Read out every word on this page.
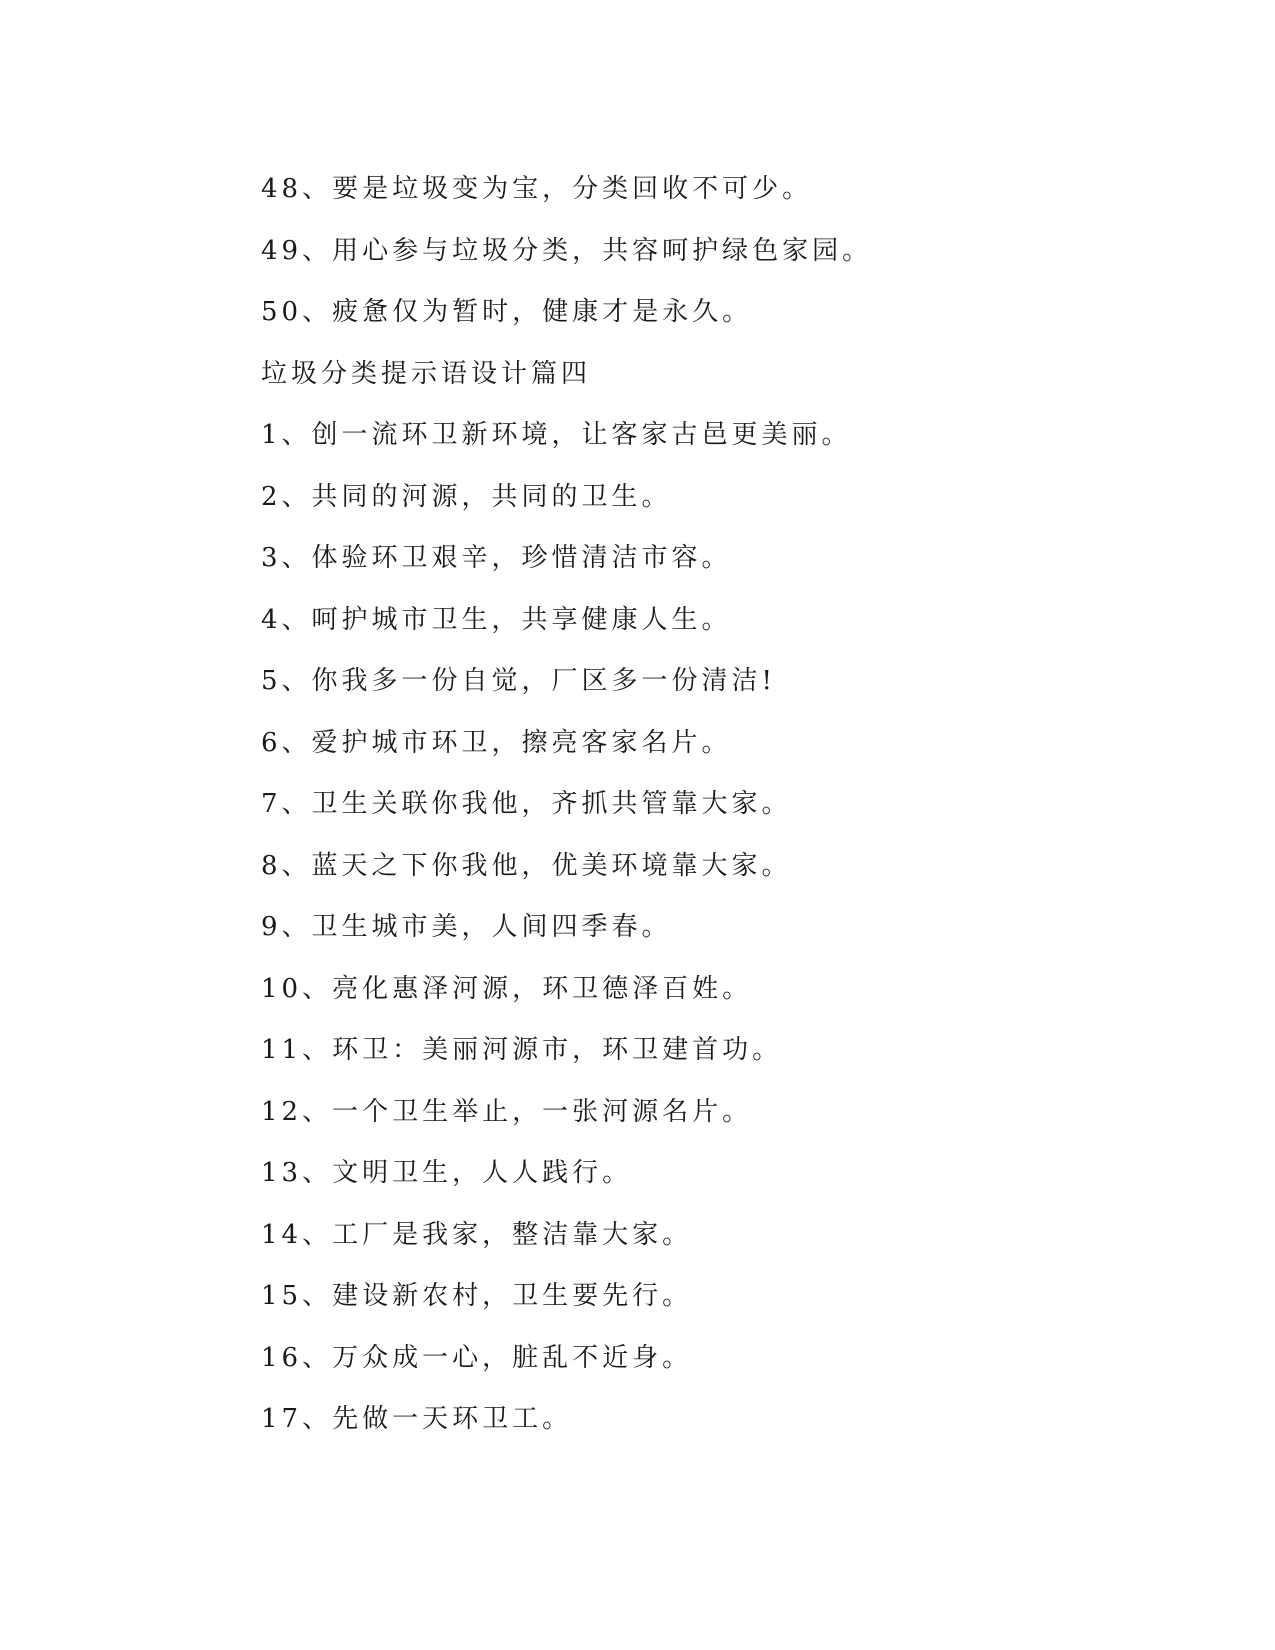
48、要是垃圾变为宝，分类回收不可少。
49、用心参与垃圾分类，共容呵护绿色家园。
50、疲惫仅为暂时，健康才是永久。
垃圾分类提示语设计篇四
1、创一流环卫新环境，让客家古邑更美丽。
2、共同的河源，共同的卫生。
3、体验环卫艰辛，珍惜清洁市容。
4、呵护城市卫生，共享健康人生。
5、你我多一份自觉，厂区多一份清洁!
6、爱护城市环卫，擦亮客家名片。
7、卫生关联你我他，齐抓共管靠大家。
8、蓝天之下你我他，优美环境靠大家。
9、卫生城市美，人间四季春。
10、亮化惠泽河源，环卫德泽百姓。
11、环卫：美丽河源市，环卫建首功。
12、一个卫生举止，一张河源名片。
13、文明卫生，人人践行。
14、工厂是我家，整洁靠大家。
15、建设新农村，卫生要先行。
16、万众成一心，脏乱不近身。
17、先做一天环卫工。
